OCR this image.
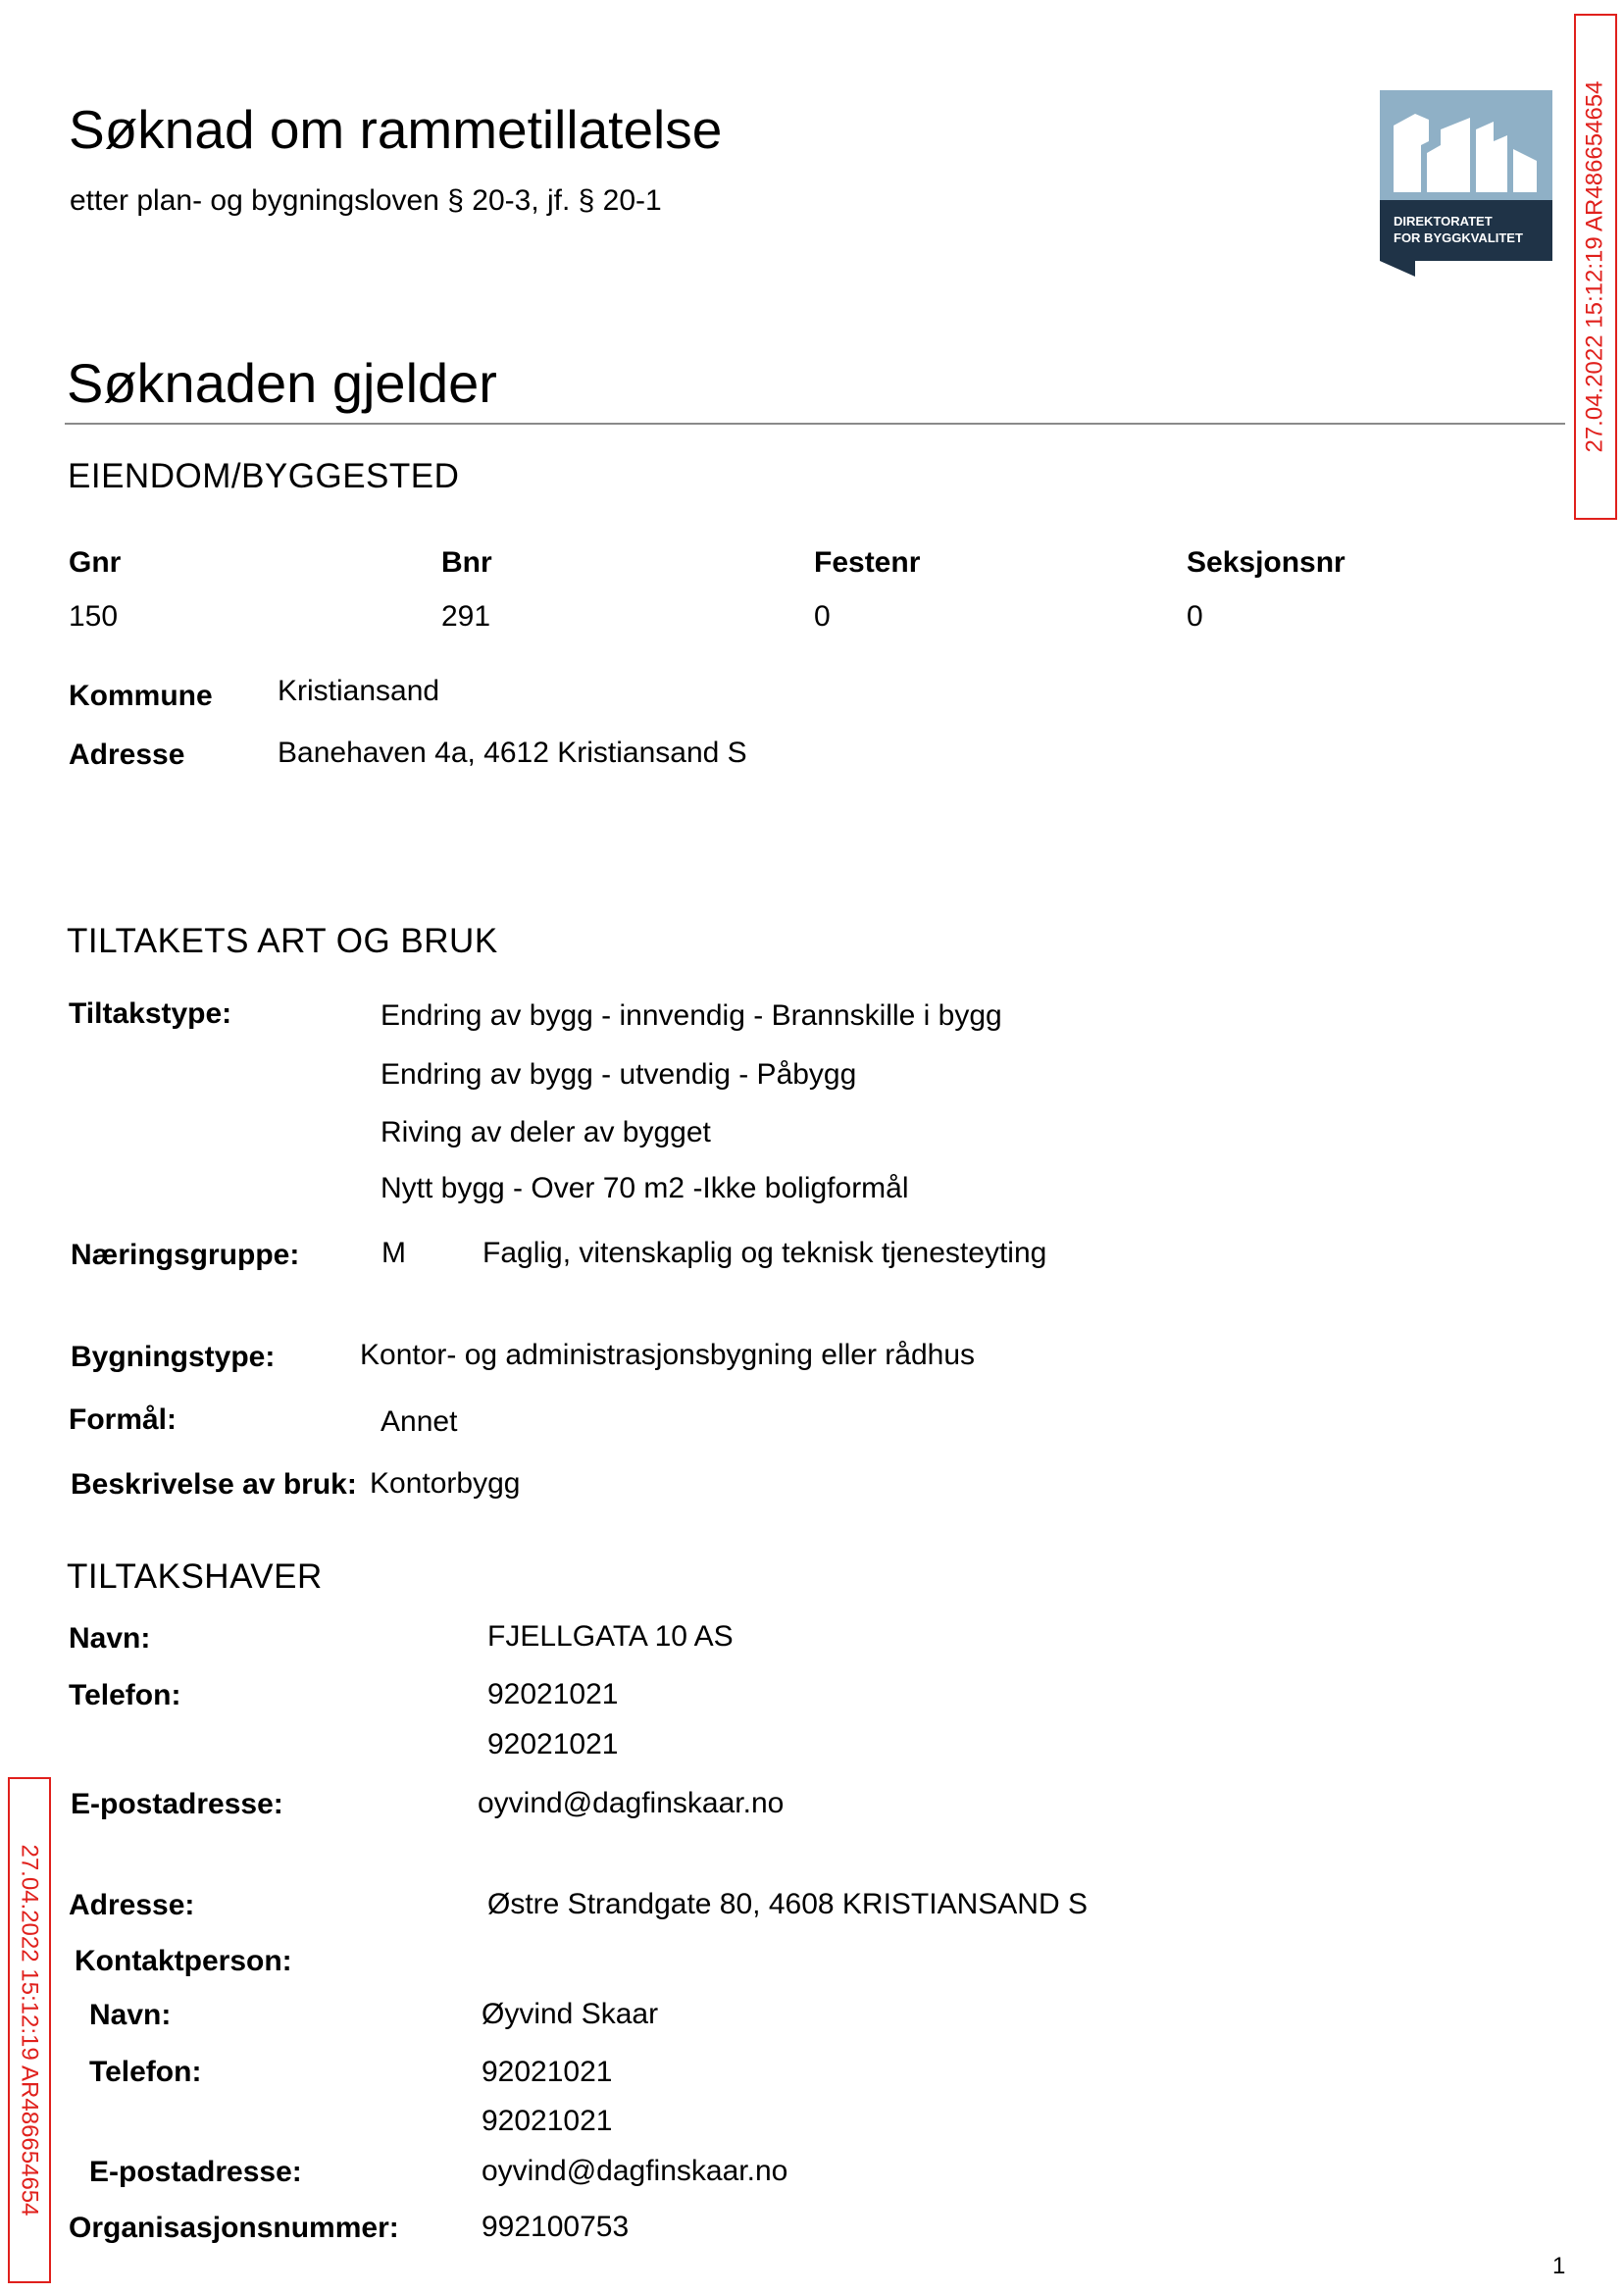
Søknad om rammetillatelse
etter plan- og bygningsloven § 20-3, jf. § 20-1
DIREKTORATET
FOR BYGGKVALITET	27.04.2022 15:12:19 AR486654654
27.04.2022 15:12:19 AR486654654
Søknaden gjelder
EIENDOM/BYGGESTED
Gnr	Bnr	Festenr	Seksjonsnr
150	291	0	0
Kommune Kristiansand
Adresse	Banehaven 4a, 4612 Kristiansand S
TILTAKETS ART OG BRUK
Tiltakstype:	Endring av bygg - innvendig - Brannskille i bygg
Endring av bygg - utvendig - Påbygg
Riving av deler av bygget
Nytt bygg - Over 70 m2 -Ikke boligformål
Næringsgruppe:	M	Faglig, vitenskaplig og teknisk tjenesteyting
Bygningstype:	Kontor- og administrasjonsbygning eller rådhus
Formål:	Annet
Beskrivelse av bruk: Kontorbygg
TILTAKSHAVER
Navn:	FJELLGATA 10 AS
Telefon:	92021021
92021021
E-postadresse:	oyvind@dagfinskaar.no
Adresse:	Østre Strandgate 80, 4608 KRISTIANSAND S
Kontaktperson:
Navn:	Øyvind Skaar
Telefon:	92021021
92021021
E-postadresse:	oyvind@dagfinskaar.no
Organisasjonsnummer:	992100753
1
